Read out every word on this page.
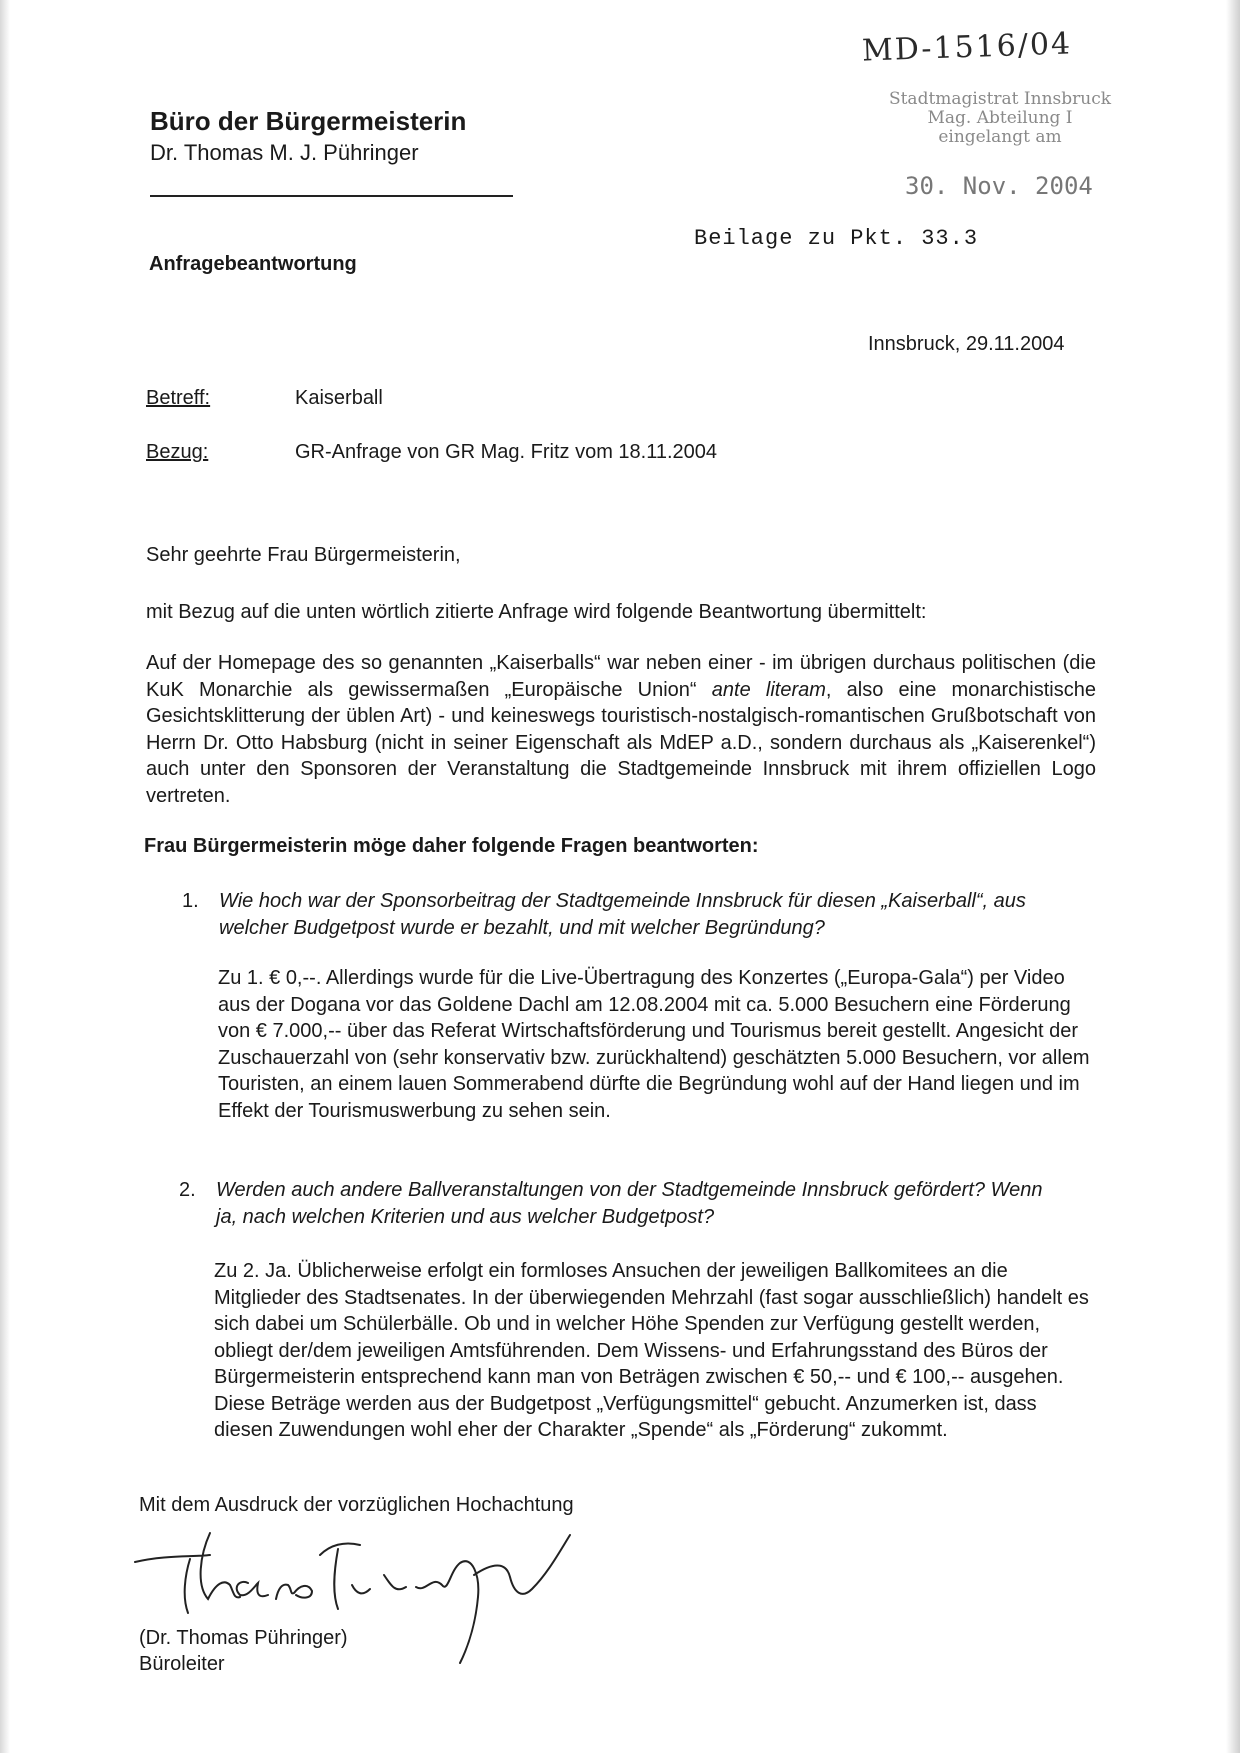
MD-1516/04
Stadtmagistrat Innsbruck
Mag. Abteilung I
eingelangt am
30. Nov. 2004
Büro der Bürgermeisterin
Dr. Thomas M. J. Pühringer
Beilage zu Pkt. 33.3
Anfragebeantwortung
Innsbruck, 29.11.2004
Betreff:	Kaiserball
Bezug:	GR-Anfrage von GR Mag. Fritz vom 18.11.2004
Sehr geehrte Frau Bürgermeisterin,
mit Bezug auf die unten wörtlich zitierte Anfrage wird folgende Beantwortung übermittelt:
Auf der Homepage des so genannten „Kaiserballs“ war neben einer - im übrigen durchaus politischen (die KuK Monarchie als gewissermaßen „Europäische Union“ ante literam, also eine monarchistische Gesichtsklitterung der üblen Art) - und keineswegs touristisch-nostalgisch-romantischen Grußbotschaft von Herrn Dr. Otto Habsburg (nicht in seiner Eigenschaft als MdEP a.D., sondern durchaus als „Kaiserenkel“) auch unter den Sponsoren der Veranstaltung die Stadtgemeinde Innsbruck mit ihrem offiziellen Logo vertreten.
Frau Bürgermeisterin möge daher folgende Fragen beantworten:
1. Wie hoch war der Sponsorbeitrag der Stadtgemeinde Innsbruck für diesen „Kaiserball“, aus welcher Budgetpost wurde er bezahlt, und mit welcher Begründung?
Zu 1. € 0,--. Allerdings wurde für die Live-Übertragung des Konzertes („Europa-Gala“) per Video aus der Dogana vor das Goldene Dachl am 12.08.2004 mit ca. 5.000 Besuchern eine Förderung von € 7.000,-- über das Referat Wirtschaftsförderung und Tourismus bereit gestellt. Angesicht der Zuschauerzahl von (sehr konservativ bzw. zurückhaltend) geschätzten 5.000 Besuchern, vor allem Touristen, an einem lauen Sommerabend dürfte die Begründung wohl auf der Hand liegen und im Effekt der Tourismuswerbung zu sehen sein.
2. Werden auch andere Ballveranstaltungen von der Stadtgemeinde Innsbruck gefördert? Wenn ja, nach welchen Kriterien und aus welcher Budgetpost?
Zu 2. Ja. Üblicherweise erfolgt ein formloses Ansuchen der jeweiligen Ballkomitees an die Mitglieder des Stadtsenates. In der überwiegenden Mehrzahl (fast sogar ausschließlich) handelt es sich dabei um Schülerbälle. Ob und in welcher Höhe Spenden zur Verfügung gestellt werden, obliegt der/dem jeweiligen Amtsführenden. Dem Wissens- und Erfahrungsstand des Büros der Bürgermeisterin entsprechend kann man von Beträgen zwischen € 50,-- und € 100,-- ausgehen. Diese Beträge werden aus der Budgetpost „Verfügungsmittel“ gebucht. Anzumerken ist, dass diesen Zuwendungen wohl eher der Charakter „Spende“ als „Förderung“ zukommt.
Mit dem Ausdruck der vorzüglichen Hochachtung
(Dr. Thomas Pühringer)
Büroleiter
